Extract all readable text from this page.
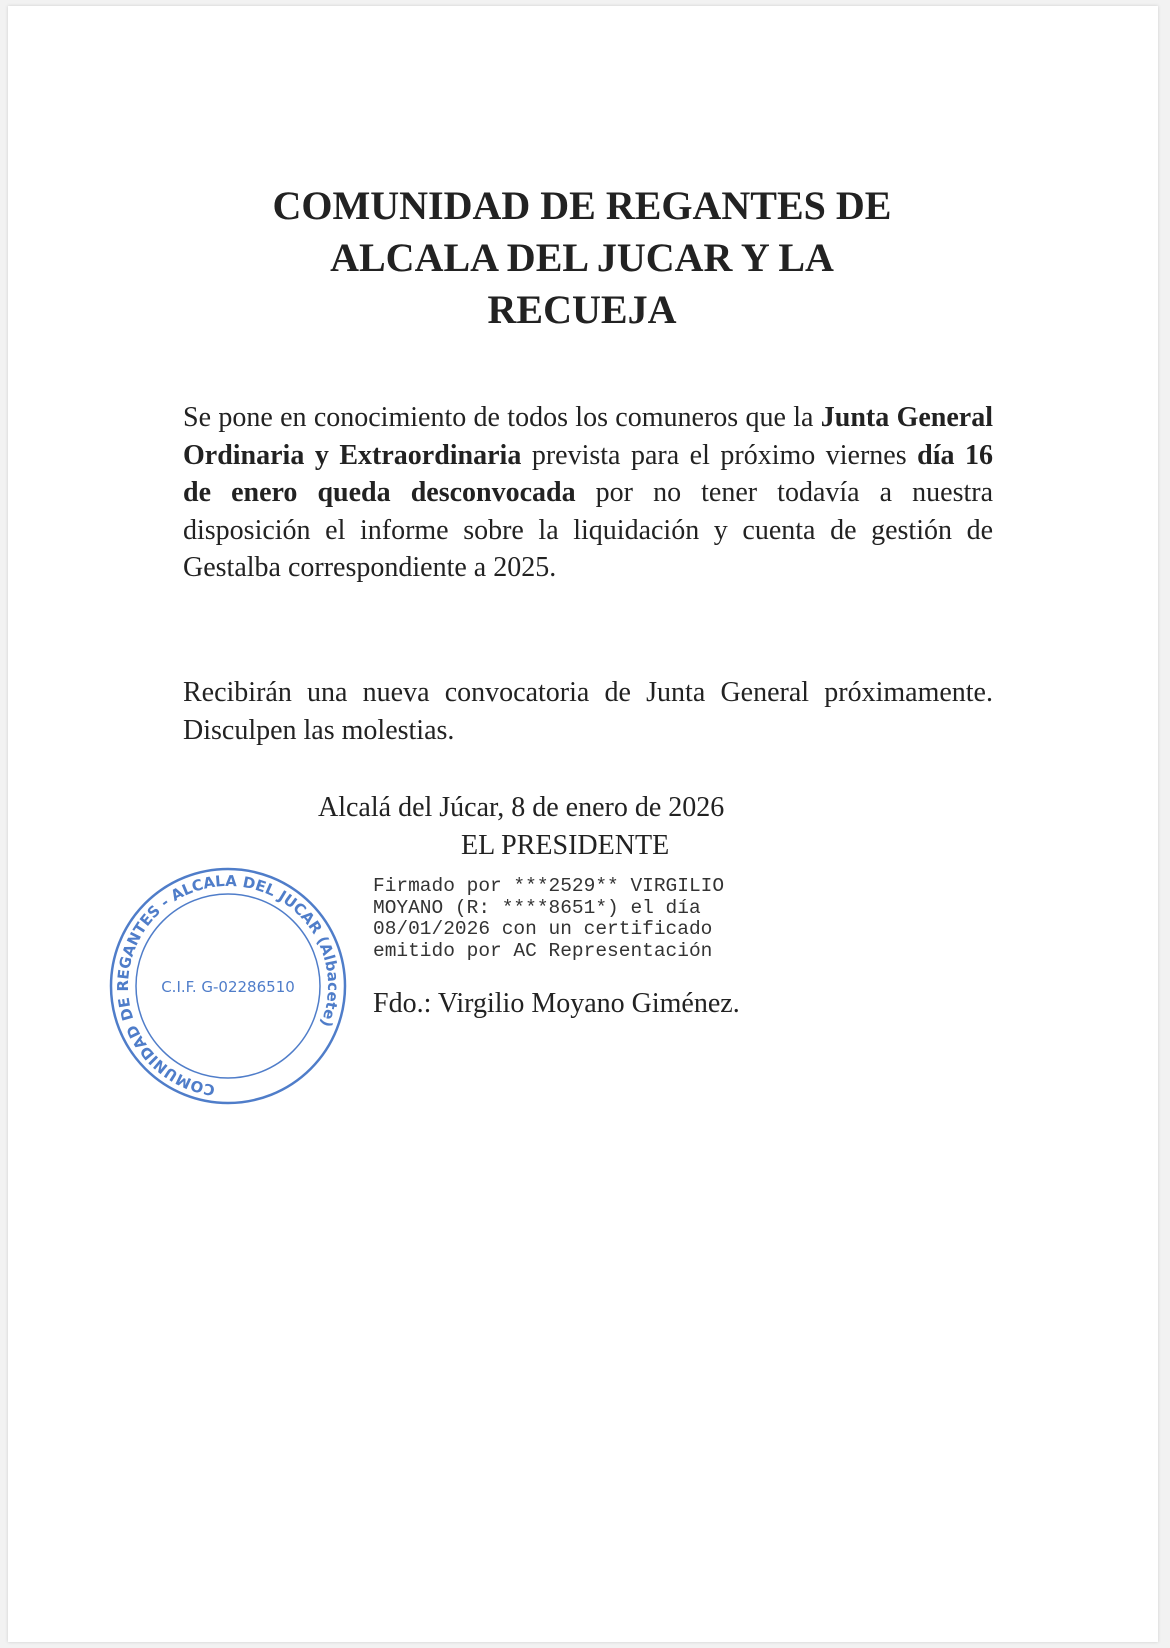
COMUNIDAD DE REGANTES DE
ALCALA DEL JUCAR Y LA
RECUEJA
Se pone en conocimiento de todos los comuneros que la Junta General Ordinaria y Extraordinaria prevista para el próximo viernes día 16 de enero queda desconvocada por no tener todavía a nuestra disposición el informe sobre la liquidación y cuenta de gestión de Gestalba correspondiente a 2025.
Recibirán una nueva convocatoria de Junta General próximamente. Disculpen las molestias.
Alcalá del Júcar, 8 de enero de 2026
EL PRESIDENTE
COMUNIDAD DE REGANTES - ALCALA DEL JUCAR (Albacete)
C.I.F. G-02286510
Firmado por ***2529** VIRGILIO
MOYANO (R: ****8651*) el día
08/01/2026 con un certificado
emitido por AC Representación
Fdo.: Virgilio Moyano Giménez.
